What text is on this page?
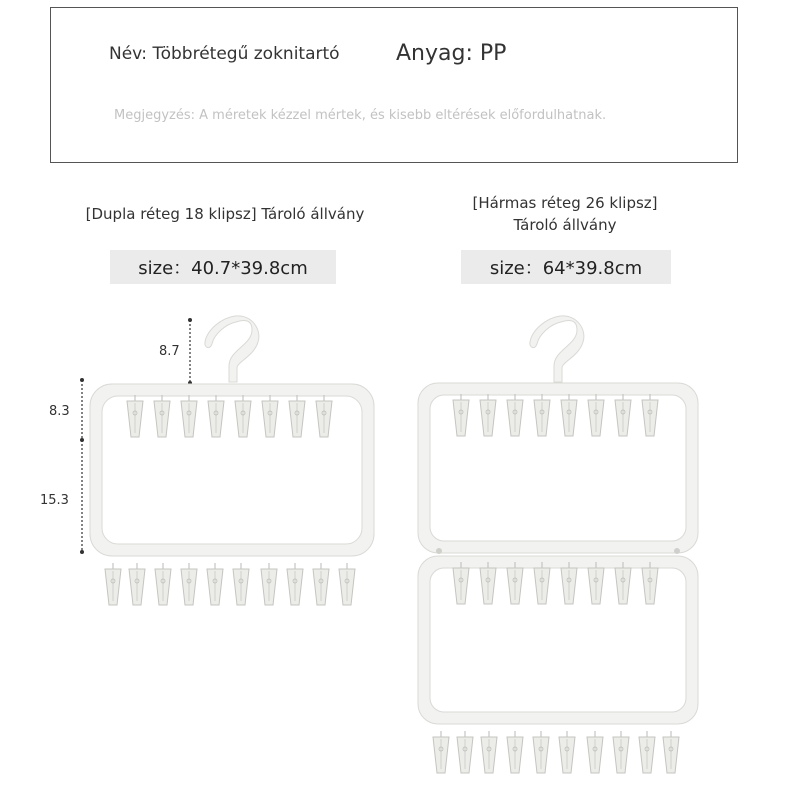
Név: Többrétegű zoknitartó	Anyag: PP
Megjegyzés: A méretek kézzel mértek, és kisebb eltérések előfordulhatnak.
[Dupla réteg 18 klipsz] Tároló állvány
size：40.7*39.8cm
[Hármas réteg 26 klipsz]
Tároló állvány
size：64*39.8cm
8.7
8.3
15.3
